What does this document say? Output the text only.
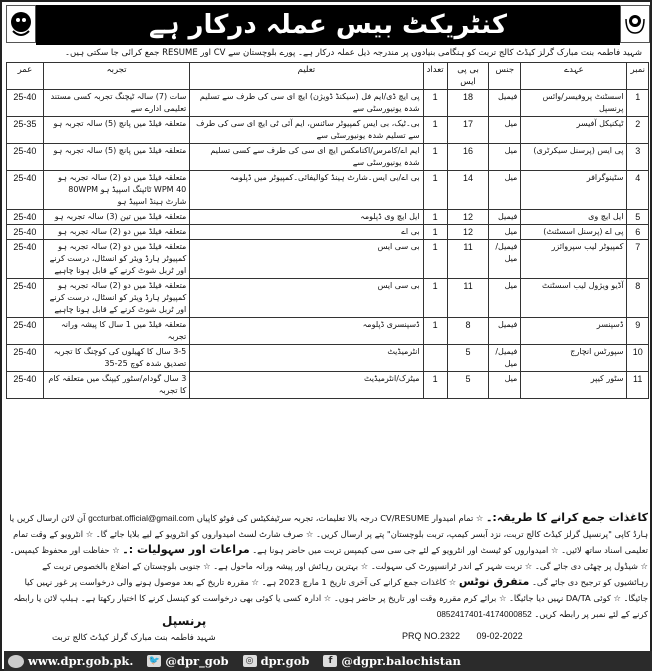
کنٹریکٹ بیس عملہ درکار ہے
شہید فاطمہ بنت مبارک گرلز کیڈٹ کالج تربت کو ہنگامی بنیادوں پر مندرجہ ذیل عملہ درکار ہے۔ پورے بلوچستان سے CV اور RESUME جمع کرائی جا سکتی ہیں۔
نمبر	عہدے	جنس	بی پی ایس	تعداد	تعلیم	تجربہ	عمر
1	اسسٹنٹ پروفیسر/وائس پرنسپل	فیمیل	18	1	پی ایچ ڈی/ایم فل (سیکنڈ ڈویژن) ایچ ای سی کی طرف سے تسلیم شدہ یونیورسٹی سے	سات (7) سالہ ٹیچنگ تجربہ کسی مستند تعلیمی ادارے سے	25-40
2	ٹیکنیکل آفیسر	میل	17	1	بی۔ٹیک، بی ایس کمپیوٹر سائنس، ایم آئی ٹی ایچ ای سی کی طرف سے تسلیم شدہ یونیورسٹی سے	متعلقہ فیلڈ میں پانچ (5) سالہ تجربہ ہو	25-35
3	پی ایس (پرسنل سیکرٹری)	میل	16	1	ایم اے/کامرس/اکنامکس ایچ ای سی کی طرف سے کسی تسلیم شدہ یونیورسٹی سے	متعلقہ فیلڈ میں پانچ (5) سالہ تجربہ ہو	25-40
4	سٹینوگرافر	میل	14	1	بی اے/بی ایس۔شارٹ ہینڈ کوالیفائی۔کمپیوٹر میں ڈپلومہ	متعلقہ فیلڈ میں دو (2) سالہ تجربہ ہو 40 WPM ٹائپنگ اسپیڈ ہو 80WPM شارٹ ہینڈ اسپیڈ ہو	25-40
5	ایل ایچ وی	فیمیل	12	1	ایل ایچ وی ڈپلومہ	متعلقہ فیلڈ میں تین (3) سالہ تجربہ ہو	25-40
6	پی اے (پرسنل اسسٹنٹ)	میل	12	1	بی اے	متعلقہ فیلڈ میں دو (2) سالہ تجربہ ہو	25-40
7	کمپیوٹر لیب سپروائزر	فیمیل/ میل	11	1	بی سی ایس	متعلقہ فیلڈ میں دو (2) سالہ تجربہ ہو کمپیوٹر ہارڈ ویئر کو انسٹال، درست کرنے اور ٹربل شوٹ کرنے کے قابل ہونا چاہیے	25-40
8	آڈیو ویژول لیب اسسٹنٹ	میل	11	1	بی سی ایس	متعلقہ فیلڈ میں دو (2) سالہ تجربہ ہو کمپیوٹر ہارڈ ویئر کو انسٹال، درست کرنے اور ٹربل شوٹ کرنے کے قابل ہونا چاہیے	25-40
9	ڈسپنسر	فیمیل	8	1	ڈسپنسری ڈپلومہ	متعلقہ فیلڈ میں 1 سال کا پیشہ ورانہ تجربہ	25-40
10	سپورٹس انچارج	فیمیل/ میل	5		انٹرمیڈیٹ	3-5 سال کا کھیلوں کی کوچنگ کا تجربہ تصدیق شدہ کوچ 25-35	25-40
11	سٹور کیپر	میل	5	1	میٹرک/انٹرمیڈیٹ	3 سال گودام/سٹور کیپنگ میں متعلقہ کام کا تجربہ	25-40
کاغذات جمع کرانے کا طریقہ:۔ ☆ تمام امیدوار CV/RESUME درجہ بالا تعلیمات، تجربہ سرٹیفکیٹس کی فوٹو کاپیاں gccturbat.official@gmail.com آن لائن ارسال کریں یا ہارڈ کاپی "پرنسپل گرلز کیڈٹ کالج تربت، نزد آبسر کیمپ، تربت بلوچستان" پتے پر ارسال کریں۔ ☆ صرف شارٹ لسٹ امیدواروں کو انٹرویو کے لیے بلایا جائے گا۔ ☆ انٹرویو کے وقت تمام تعلیمی اسناد ساتھ لائیں۔ ☆ امیدواروں کو ٹیسٹ اور انٹرویو کے لئے جی سی سی کیمپس تربت میں حاضر ہونا ہے۔ مراعات اور سہولیات :۔ ☆ حفاظت اور محفوظ کیمپس۔ ☆ شیڈول پر چھٹی دی جائے گی۔ ☆ تربت شہر کے اندر ٹرانسپورٹ کی سہولت۔ ☆ بہترین رہائش اور پیشہ ورانہ ماحول ہے۔ ☆ جنوبی بلوچستان کے اضلاع بالخصوص تربت کے رہائشیوں کو ترجیح دی جائے گی۔ متفرق نوٹس ☆ کاغذات جمع کرانے کی آخری تاریخ 1 مارچ 2023 ہے۔ ☆ مقررہ تاریخ کے بعد موصول ہونے والی درخواست پر غور نہیں کیا جائیگا۔ ☆ کوئی DA/TA نہیں دیا جائیگا۔ ☆ برائے کرم مقررہ وقت اور تاریخ پر حاضر ہوں۔ ☆ ادارہ کسی یا کوئی بھی درخواست کو کینسل کرنے کا اختیار رکھتا ہے۔ ہیلپ لائن یا رابطہ کرنے کے لئے نمبر پر رابطہ کریں۔ 0852417401-4174000852
پرنسپل
شہید فاطمہ بنت مبارک گرلز کیڈٹ کالج تربت	PRQ NO.2322 09-02-2022
www.dpr.gob.pk. 🐦 @dpr_gob	◎ dpr.gob	f @dgpr.balochistan
